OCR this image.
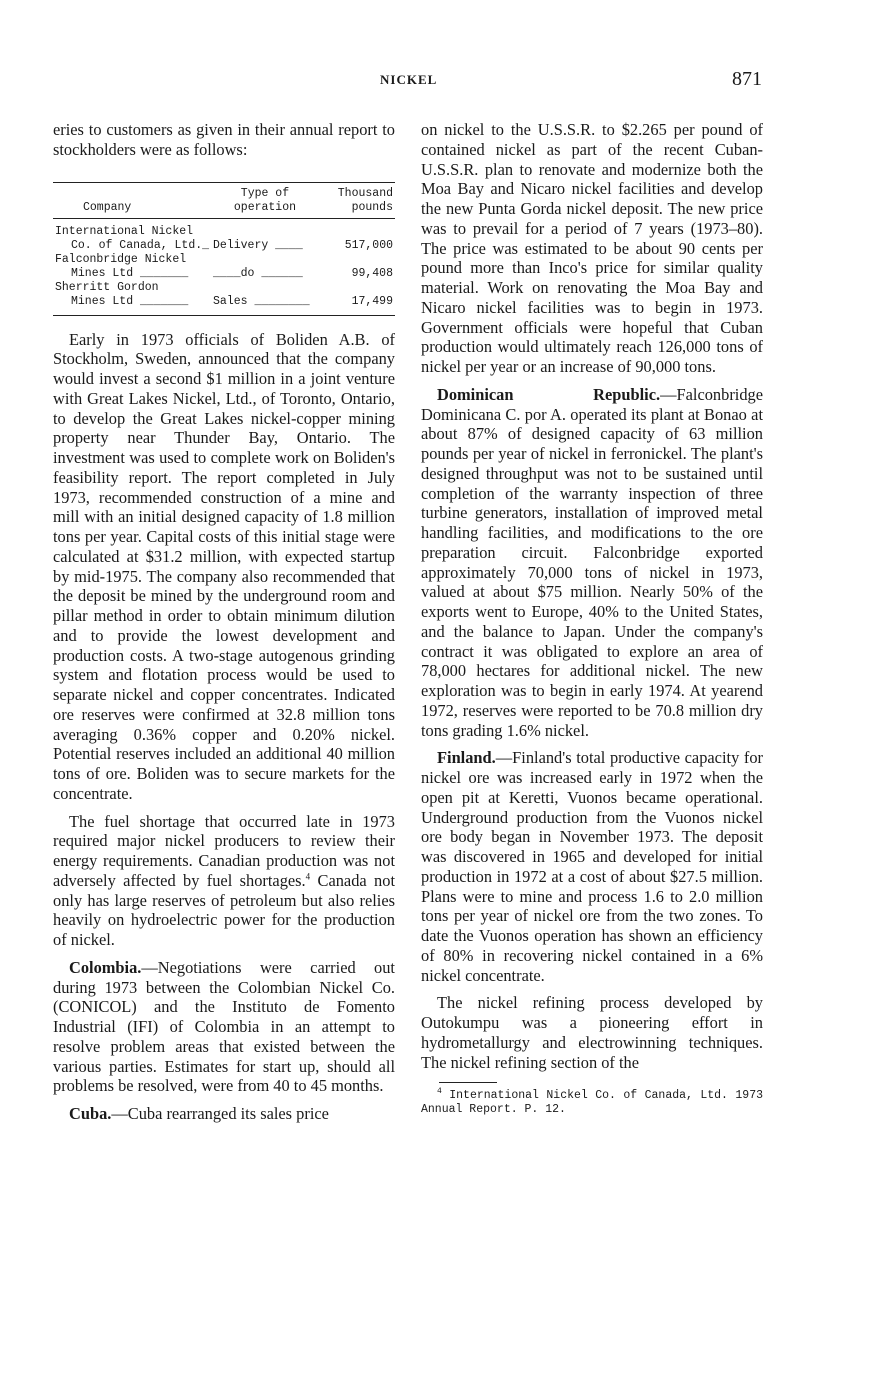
NICKEL	871

eries to customers as given in their annual report to stockholders were as follows:

Company	Type of operation	Thousand pounds
International Nickel		
Co. of Canada, Ltd._	Delivery ____	517,000
Falconbridge Nickel		
Mines Ltd _______	____do ______	99,408
Sherritt Gordon		
Mines Ltd _______	Sales ________	17,499

Early in 1973 officials of Boliden A.B. of Stockholm, Sweden, announced that the company would invest a second $1 million in a joint venture with Great Lakes Nickel, Ltd., of Toronto, Ontario, to develop the Great Lakes nickel-copper mining property near Thunder Bay, Ontario. The investment was used to complete work on Boliden's feasibility report. The report completed in July 1973, recommended construction of a mine and mill with an initial designed capacity of 1.8 million tons per year. Capital costs of this initial stage were calculated at $31.2 million, with expected startup by mid-1975. The company also recommended that the deposit be mined by the underground room and pillar method in order to obtain minimum dilution and to provide the lowest development and production costs. A two-stage autogenous grinding system and flotation process would be used to separate nickel and copper concentrates. Indicated ore reserves were confirmed at 32.8 million tons averaging 0.36% copper and 0.20% nickel. Potential reserves included an additional 40 million tons of ore. Boliden was to secure markets for the concentrate.

The fuel shortage that occurred late in 1973 required major nickel producers to review their energy requirements. Canadian production was not adversely affected by fuel shortages.$^4$ Canada not only has large reserves of petroleum but also relies heavily on hydroelectric power for the production of nickel.

Colombia.—Negotiations were carried out during 1973 between the Colombian Nickel Co. (CONICOL) and the Instituto de Fomento Industrial (IFI) of Colombia in an attempt to resolve problem areas that existed between the various parties. Estimates for start up, should all problems be resolved, were from 40 to 45 months.

Cuba.—Cuba rearranged its sales price

on nickel to the U.S.S.R. to $2.265 per pound of contained nickel as part of the recent Cuban-U.S.S.R. plan to renovate and modernize both the Moa Bay and Nicaro nickel facilities and develop the new Punta Gorda nickel deposit. The new price was to prevail for a period of 7 years (1973–80). The price was estimated to be about 90 cents per pound more than Inco's price for similar quality material. Work on renovating the Moa Bay and Nicaro nickel facilities was to begin in 1973. Government officials were hopeful that Cuban production would ultimately reach 126,000 tons of nickel per year or an increase of 90,000 tons.

Dominican Republic.—Falconbridge Dominicana C. por A. operated its plant at Bonao at about 87% of designed capacity of 63 million pounds per year of nickel in ferronickel. The plant's designed throughput was not to be sustained until completion of the warranty inspection of three turbine generators, installation of improved metal handling facilities, and modifications to the ore preparation circuit. Falconbridge exported approximately 70,000 tons of nickel in 1973, valued at about $75 million. Nearly 50% of the exports went to Europe, 40% to the United States, and the balance to Japan. Under the company's contract it was obligated to explore an area of 78,000 hectares for additional nickel. The new exploration was to begin in early 1974. At yearend 1972, reserves were reported to be 70.8 million dry tons grading 1.6% nickel.

Finland.—Finland's total productive capacity for nickel ore was increased early in 1972 when the open pit at Keretti, Vuonos became operational. Underground production from the Vuonos nickel ore body began in November 1973. The deposit was discovered in 1965 and developed for initial production in 1972 at a cost of about $27.5 million. Plans were to mine and process 1.6 to 2.0 million tons per year of nickel ore from the two zones. To date the Vuonos operation has shown an efficiency of 80% in recovering nickel contained in a 6% nickel concentrate.

The nickel refining process developed by Outokumpu was a pioneering effort in hydrometallurgy and electrowinning techniques. The nickel refining section of the

$^4$ International Nickel Co. of Canada, Ltd. 1973 Annual Report. P. 12.
